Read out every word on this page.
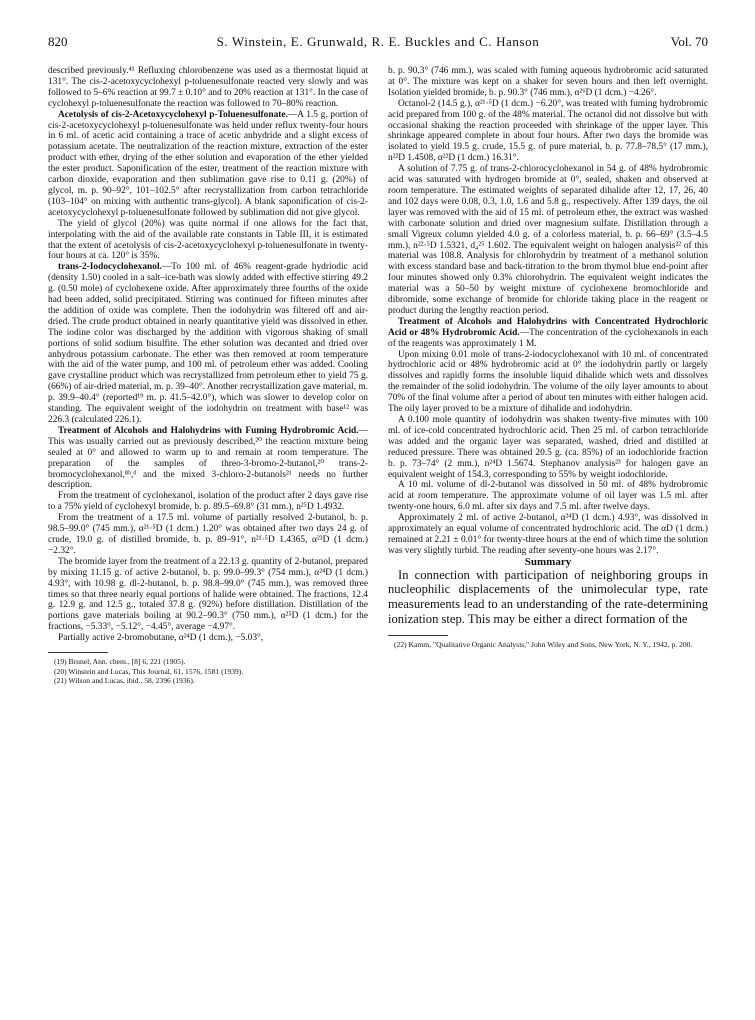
820	S. Winstein, E. Grunwald, R. E. Buckles and C. Hanson	Vol. 70

described previously.⁴¹ Refluxing chlorobenzene was used as a thermostat liquid at 131°. The cis-2-acetoxycyclohexyl p-toluenesulfonate reacted very slowly and was followed to 5–6% reaction at 99.7 ± 0.10° and to 20% reaction at 131°. In the case of cyclohexyl p-toluenesulfonate the reaction was followed to 70–80% reaction.

Acetolysis of cis-2-Acetoxycyclohexyl p-Toluenesulfonate.—A 1.5 g. portion of cis-2-acetoxycyclohexyl p-toluenesulfonate was held under reflux twenty-four hours in 6 ml. of acetic acid containing a trace of acetic anhydride and a slight excess of potassium acetate. The neutralization of the reaction mixture, extraction of the ester product with ether, drying of the ether solution and evaporation of the ether yielded the ester product. Saponification of the ester, treatment of the reaction mixture with carbon dioxide, evaporation and then sublimation gave rise to 0.11 g. (20%) of glycol, m. p. 90–92°, 101–102.5° after recrystallization from carbon tetrachloride (103–104° on mixing with authentic trans-glycol). A blank saponification of cis-2-acetoxycyclohexyl p-toluenesulfonate followed by sublimation did not give glycol.

The yield of glycol (20%) was quite normal if one allows for the fact that, interpolating with the aid of the available rate constants in Table III, it is estimated that the extent of acetolysis of cis-2-acetoxycyclohexyl p-toluenesulfonate in twenty-four hours at ca. 120° is 35%.

trans-2-Iodocyclohexanol.—To 100 ml. of 46% reagent-grade hydriodic acid (density 1.50) cooled in a salt–ice-bath was slowly added with effective stirring 49.2 g. (0.50 mole) of cyclohexene oxide. After approximately three fourths of the oxide had been added, solid precipitated. Stirring was continued for fifteen minutes after the addition of oxide was complete. Then the iodohydrin was filtered off and air-dried. The crude product obtained in nearly quantitative yield was dissolved in ether. The iodine color was discharged by the addition with vigorous shaking of small portions of solid sodium bisulfite. The ether solution was decanted and dried over anhydrous potassium carbonate. The ether was then removed at room temperature with the aid of the water pump, and 100 ml. of petroleum ether was added. Cooling gave crystalline product which was recrystallized from petroleum ether to yield 75 g. (66%) of air-dried material, m. p. 39–40°. Another recrystallization gave material, m. p. 39.9–40.4° (reported¹⁹ m. p. 41.5–42.0°), which was slower to develop color on standing. The equivalent weight of the iodohydrin on treatment with base¹² was 226.3 (calculated 226.1).

Treatment of Alcohols and Halohydrins with Fuming Hydrobromic Acid.—This was usually carried out as previously described,²⁰ the reaction mixture being sealed at 0° and allowed to warm up to and remain at room temperature. The preparation of the samples of threo-3-bromo-2-butanol,²⁰ trans-2-bromocyclohexanol,⁸ᵇ,ᵈ and the mixed 3-chloro-2-butanols²¹ needs no further description.

From the treatment of cyclohexanol, isolation of the product after 2 days gave rise to a 75% yield of cyclohexyl bromide, b. p. 89.5–69.8° (31 mm.), n²⁵D 1.4932.

From the treatment of a 17.5 ml. volume of partially resolved 2-butanol, b. p. 98.5–99.0° (745 mm.), α²¹·⁵D (1 dcm.) 1.20° was obtained after two days 24 g. of crude, 19.0 g. of distilled bromide, b. p. 89–91°, n²¹·⁵D 1.4365, α²³D (1 dcm.) −2.32°.

The bromide layer from the treatment of a 22.13 g. quantity of 2-butanol, prepared by mixing 11.15 g. of active 2-butanol, b. p. 99.0–99.3° (754 mm.), α²⁴D (1 dcm.) 4.93°, with 10.98 g. dl-2-butanol, b. p. 98.8–99.0° (745 mm.), was removed three times so that three nearly equal portions of halide were obtained. The fractions, 12.4 g. 12.9 g. and 12.5 g., totaled 37.8 g. (92%) before distillation. Distillation of the portions gave materials boiling at 90.2–90.3° (750 mm.), α²⁵D (1 dcm.) for the fractions, −5.33°, −5.12°, −4.45°, average −4.97°.

Partially active 2-bromobutane, α²⁴D (1 dcm.), −5.03°,

(19) Brunel, Ann. chem., [8] 6, 221 (1905).

(20) Winstein and Lucas, This Journal, 61, 1576, 1581 (1939).

(21) Wilson and Lucas, ibid., 58, 2396 (1936).

b. p. 90.3° (746 mm.), was scaled with fuming aqueous hydrobromic acid saturated at 0°. The mixture was kept on a shaker for seven hours and then left overnight. Isolation yielded bromide, b. p. 90.3° (746 mm.), α²⁶D (1 dcm.) −4.26°.

Octanol-2 (14.5 g.), α²¹·⁵D (1 dcm.) −6.20°, was treated with fuming hydrobromic acid prepared from 100 g. of the 48% material. The octanol did not dissolve but with occasional shaking the reaction proceeded with shrinkage of the upper layer. This shrinkage appeared complete in about four hours. After two days the bromide was isolated to yield 19.5 g. crude, 15.5 g. of pure material, b. p. 77.8–78.5° (17 mm.), n²²D 1.4508, α²²D (1 dcm.) 16.31°.

A solution of 7.75 g. of trans-2-chlorocyclohexanol in 54 g. of 48% hydrobromic acid was saturated with hydrogen bromide at 0°, sealed, shaken and observed at room temperature. The estimated weights of separated dihalide after 12, 17, 26, 40 and 102 days were 0.08, 0.3, 1.0, 1.6 and 5.8 g., respectively. After 139 days, the oil layer was removed with the aid of 15 ml. of petroleum ether, the extract was washed with carbonate solution and dried over magnesium sulfate. Distillation through a small Vigreux column yielded 4.0 g. of a colorless material, b. p. 66–69° (3.5–4.5 mm.), n²²·⁵D 1.5321, d₄²⁵ 1.602. The equivalent weight on halogen analysis²² of this material was 108.8. Analysis for chlorohydrin by treatment of a methanol solution with excess standard base and back-titration to the brom thymol blue end-point after four minutes showed only 0.3% chlorohydrin. The equivalent weight indicates the material was a 50–50 by weight mixture of cyclohexene bromochloride and dibromide, some exchange of bromide for chloride taking place in the reagent or product during the lengthy reaction period.

Treatment of Alcohols and Halohydrins with Concentrated Hydrochloric Acid or 48% Hydrobromic Acid.—The concentration of the cyclohexanols in each of the reagents was approximately 1 M.

Upon mixing 0.01 mole of trans-2-iodocyclohexanol with 10 ml. of concentrated hydrochloric acid or 48% hydrobromic acid at 0° the iodohydrin partly or largely dissolves and rapidly forms the insoluble liquid dihalide which wets and dissolves the remainder of the solid iodohydrin. The volume of the oily layer amounts to about 70% of the final volume after a period of about ten minutes with either halogen acid. The oily layer proved to be a mixture of dihalide and iodohydrin.

A 0.100 mole quantity of iodohydrin was shaken twenty-five minutes with 100 ml. of ice-cold concentrated hydrochloric acid. Then 25 ml. of carbon tetrachloride was added and the organic layer was separated, washed, dried and distilled at reduced pressure. There was obtained 20.5 g. (ca. 85%) of an iodochloride fraction b. p. 73–74° (2 mm.), n²⁴D 1.5674. Stephanov analysis²³ for halogen gave an equivalent weight of 154.3, corresponding to 55% by weight iodochloride.

A 10 ml. volume of dl-2-butanol was dissolved in 50 ml. of 48% hydrobromic acid at room temperature. The approximate volume of oil layer was 1.5 ml. after twenty-one hours, 6.0 ml. after six days and 7.5 ml. after twelve days.

Approximately 2 ml. of active 2-butanol, α²⁴D (1 dcm.) 4.93°, was dissolved in approximately an equal volume of concentrated hydrochloric acid. The αD (1 dcm.) remained at 2.21 ± 0.01° for twenty-three hours at the end of which time the solution was very slightly turbid. The reading after seventy-one hours was 2.17°.

Summary

In connection with participation of neighboring groups in nucleophilic displacements of the unimolecular type, rate measurements lead to an understanding of the rate-determining ionization step. This may be either a direct formation of the

(22) Kamm, "Qualitative Organic Analysis," John Wiley and Sons, New York, N. Y., 1942, p. 200.
